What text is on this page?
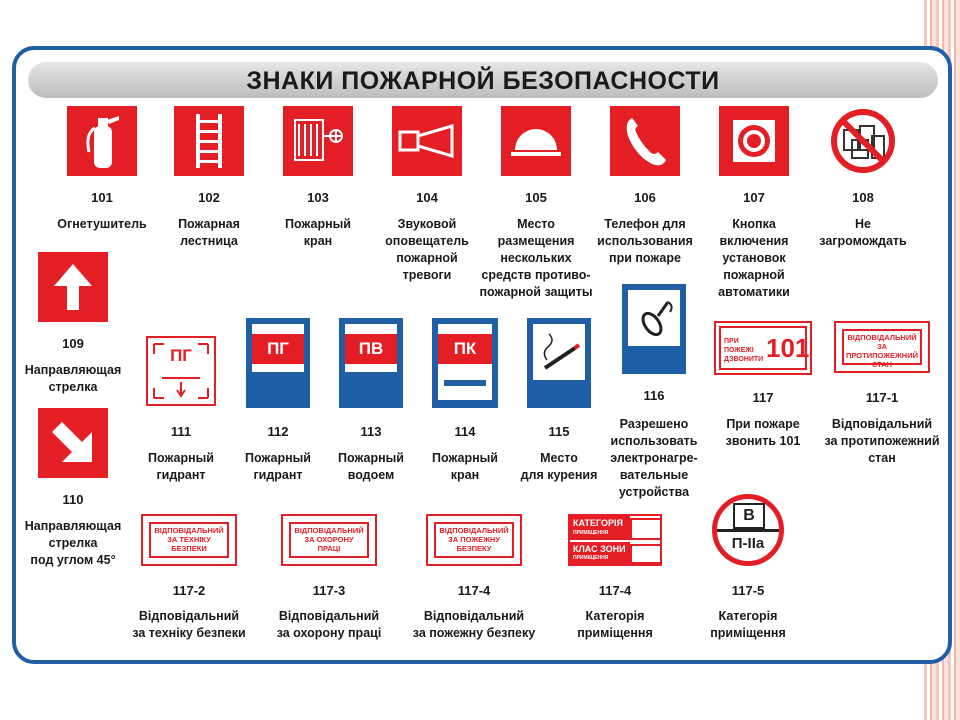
ЗНАКИ ПОЖАРНОЙ БЕЗОПАСНОСТИ
101
Огнетушитель
102
Пожарная
лестница
103
Пожарный
кран
104
Звуковой
оповещатель
пожарной
тревоги
105
Место
размещения
нескольких
средств противо-
пожарной защиты
106
Телефон для
использования
при пожаре
107
Кнопка
включения
установок
пожарной
автоматики
108
Не
загромождать
109
Направляющая
стрелка
110
Направляющая
стрелка
под углом 45°
ПГ
111
Пожарный
гидрант
ПГ
112
Пожарный
гидрант
ПВ
113
Пожарный
водоем
ПК
114
Пожарный
кран
115
Место
для курения
116
Разрешено
использовать
электронагре-
вательные
устройства
ПРИ ПОЖЕЖІ
ДЗВОНИТИ 101
117
При пожаре
звонить 101
ВІДПОВІДАЛЬНИЙ
ЗА ПРОТИПОЖЕЖНИЙ СТАН
117-1
Відповідальний
за протипожежний
стан
ВІДПОВІДАЛЬНИЙ
ЗА ТЕХНІКУ БЕЗПЕКИ
117-2
Відповідальний
за техніку безпеки
ВІДПОВІДАЛЬНИЙ
ЗА ОХОРОНУ ПРАЦІ
117-3
Відповідальний
за охорону праці
ВІДПОВІДАЛЬНИЙ
ЗА ПОЖЕЖНУ БЕЗПЕКУ
117-4
Відповідальний
за пожежну безпеку
КАТЕГОРІЯ
ПРИМІЩЕННЯ
КЛАС ЗОНИ
ПРИМІЩЕННЯ
117-4
Категорія
приміщення
В
П-IIa
117-5
Категорія
приміщення
